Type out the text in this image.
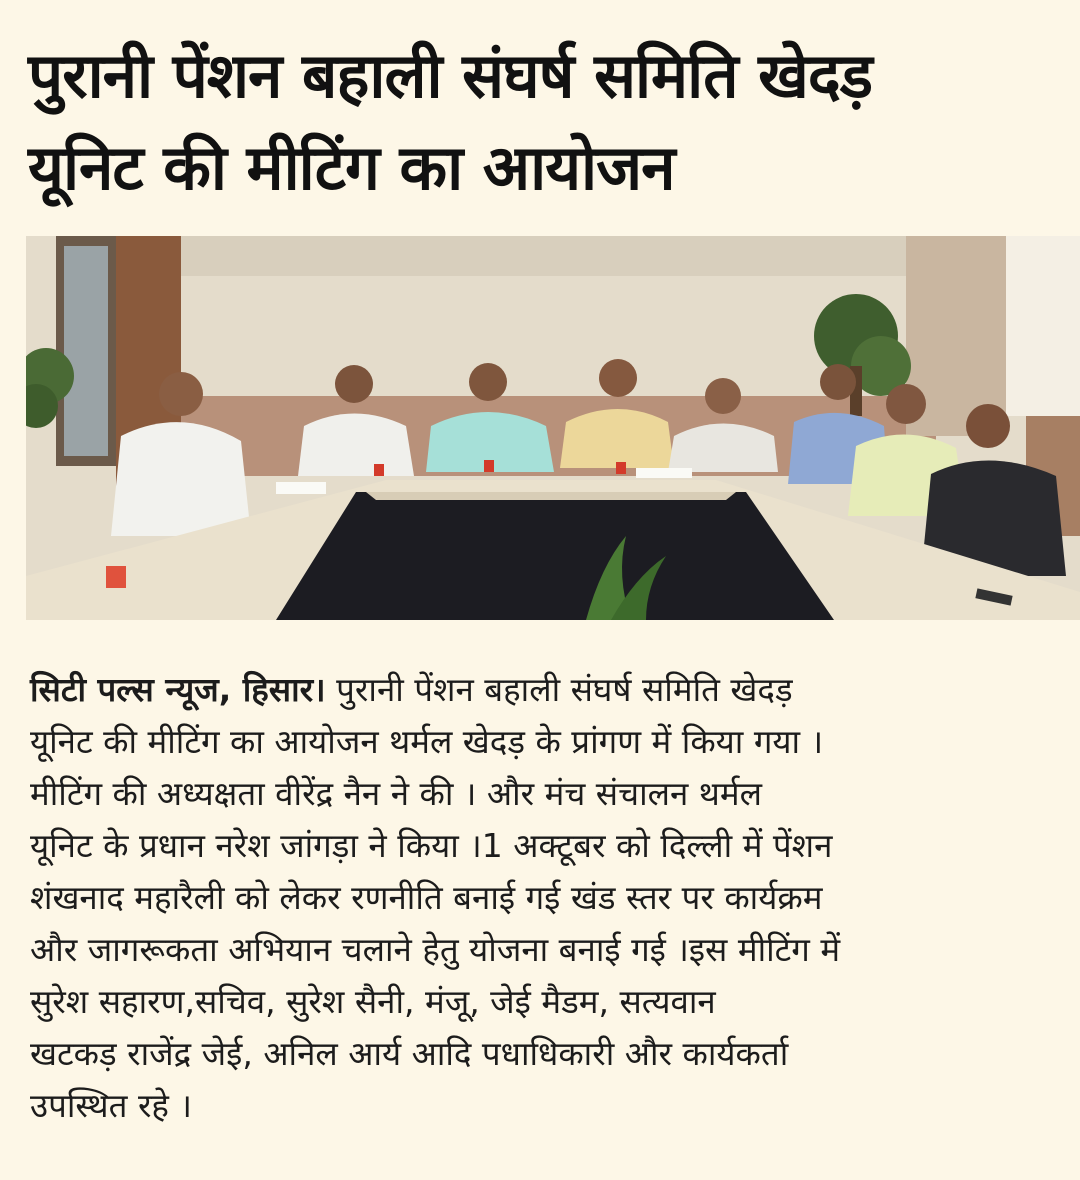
पुरानी पेंशन बहाली संघर्ष समिति खेदड़
यूनिट की मीटिंग का आयोजन
सिटी पल्स न्यूज, हिसार। पुरानी पेंशन बहाली संघर्ष समिति खेदड़
यूनिट की मीटिंग का आयोजन थर्मल खेदड़ के प्रांगण में किया गया ।
मीटिंग की अध्यक्षता वीरेंद्र नैन ने की । और मंच संचालन थर्मल
यूनिट के प्रधान नरेश जांगड़ा ने किया ।1 अक्टूबर को दिल्ली में पेंशन
शंखनाद महारैली को लेकर रणनीति बनाई गई खंड स्तर पर कार्यक्रम
और जागरूकता अभियान चलाने हेतु योजना बनाई गई ।इस मीटिंग में
सुरेश सहारण,सचिव, सुरेश सैनी, मंजू, जेई मैडम, सत्यवान
खटकड़ राजेंद्र जेई, अनिल आर्य आदि पधाधिकारी और कार्यकर्ता
उपस्थित रहे ।
